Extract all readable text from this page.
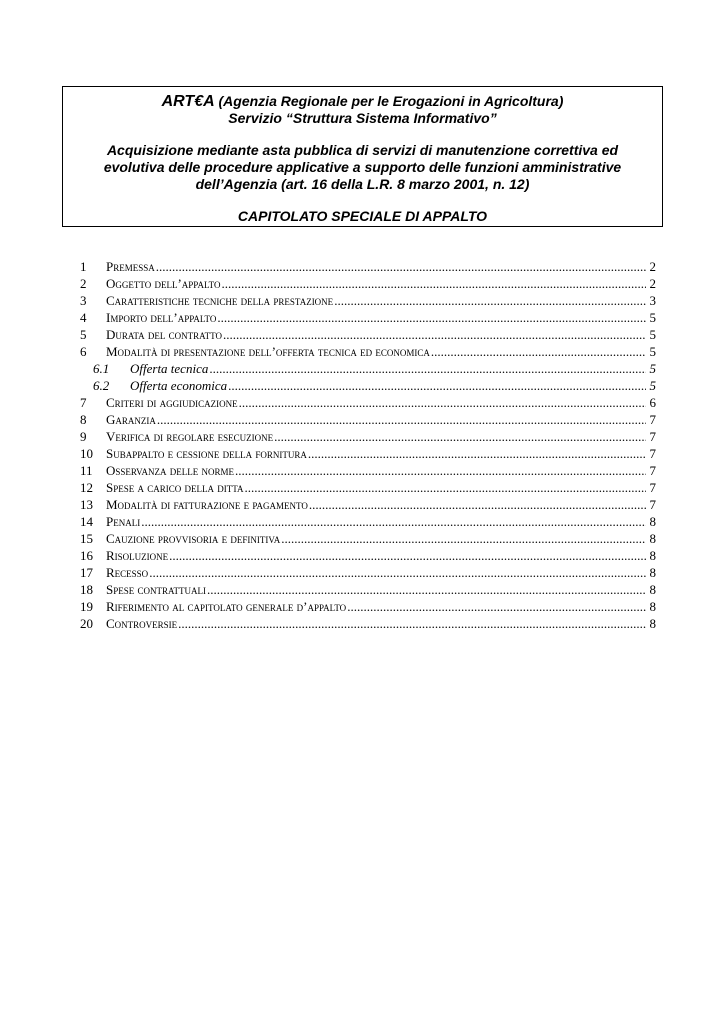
ART€A (Agenzia Regionale per le Erogazioni in Agricoltura)
Servizio “Struttura Sistema Informativo”
Acquisizione mediante asta pubblica di servizi di manutenzione correttiva ed
evolutiva delle procedure applicative a supporto delle funzioni amministrative
dell’Agenzia (art. 16 della L.R. 8 marzo 2001, n. 12)
CAPITOLATO SPECIALE DI APPALTO
1 Premessa .....	2
2 Oggetto dell’appalto .....	2
3 Caratteristiche tecniche della prestazione .....	3
4 Importo dell’appalto .....	5
5 Durata del contratto .....	5
6 Modalità di presentazione dell’offerta tecnica ed economica .....	5
6.1 Offerta tecnica .....	5
6.2 Offerta economica .....	5
7 Criteri di aggiudicazione .....	6
8 Garanzia .....	7
9 Verifica di regolare esecuzione .....	7
10 Subappalto e cessione della fornitura .....	7
11 Osservanza delle norme .....	7
12 Spese a carico della ditta .....	7
13 Modalità di fatturazione e pagamento .....	7
14 Penali .....	8
15 Cauzione provvisoria e definitiva .....	8
16 Risoluzione .....	8
17 Recesso .....	8
18 Spese contrattuali .....	8
19 Riferimento al capitolato generale d’appalto .....	8
20 Controversie .....	8
